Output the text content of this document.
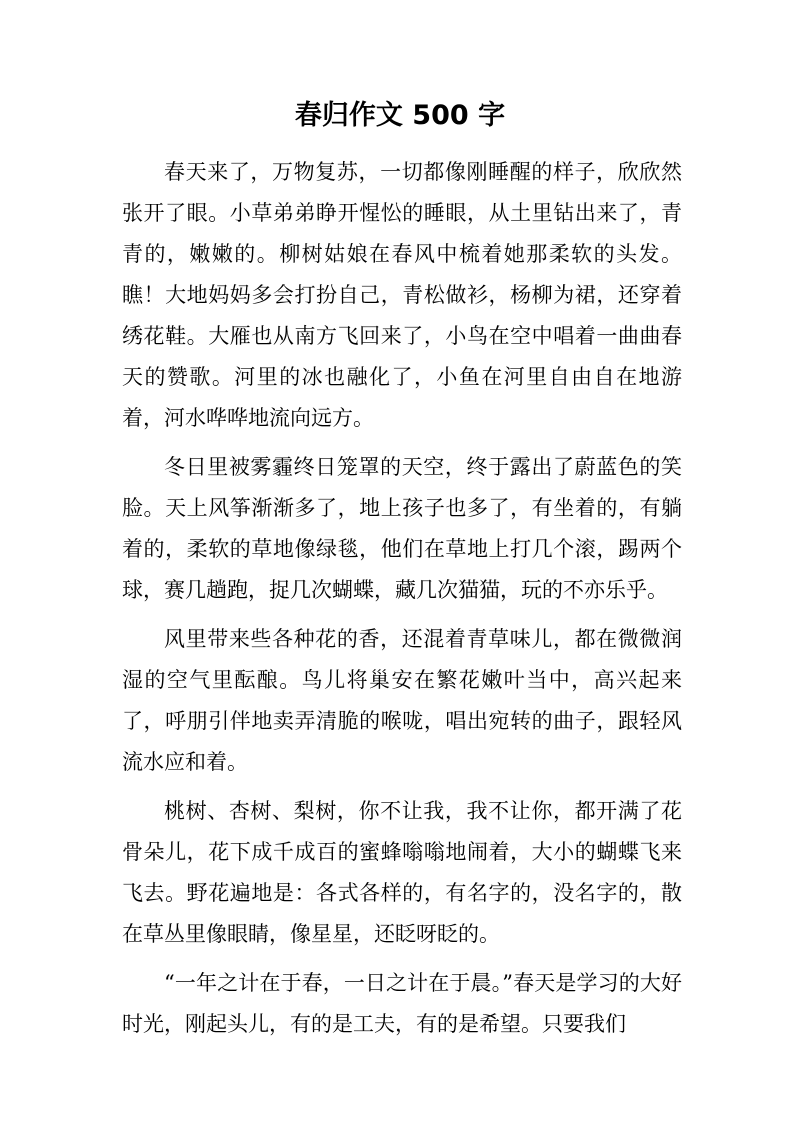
春归作文 500 字

春天来了，万物复苏，一切都像刚睡醒的样子，欣欣然张开了眼。小草弟弟睁开惺忪的睡眼，从土里钻出来了，青青的，嫩嫩的。柳树姑娘在春风中梳着她那柔软的头发。瞧！大地妈妈多会打扮自己，青松做衫，杨柳为裙，还穿着绣花鞋。大雁也从南方飞回来了，小鸟在空中唱着一曲曲春天的赞歌。河里的冰也融化了，小鱼在河里自由自在地游着，河水哗哗地流向远方。

冬日里被雾霾终日笼罩的天空，终于露出了蔚蓝色的笑脸。天上风筝渐渐多了，地上孩子也多了，有坐着的，有躺着的，柔软的草地像绿毯，他们在草地上打几个滚，踢两个球，赛几趟跑，捉几次蝴蝶，藏几次猫猫，玩的不亦乐乎。

风里带来些各种花的香，还混着青草味儿，都在微微润湿的空气里酝酿。鸟儿将巢安在繁花嫩叶当中，高兴起来了，呼朋引伴地卖弄清脆的喉咙，唱出宛转的曲子，跟轻风流水应和着。

桃树、杏树、梨树，你不让我，我不让你，都开满了花骨朵儿，花下成千成百的蜜蜂嗡嗡地闹着，大小的蝴蝶飞来飞去。野花遍地是：各式各样的，有名字的，没名字的，散在草丛里像眼睛，像星星，还眨呀眨的。

“一年之计在于春，一日之计在于晨。”春天是学习的大好时光，刚起头儿，有的是工夫，有的是希望。只要我们
